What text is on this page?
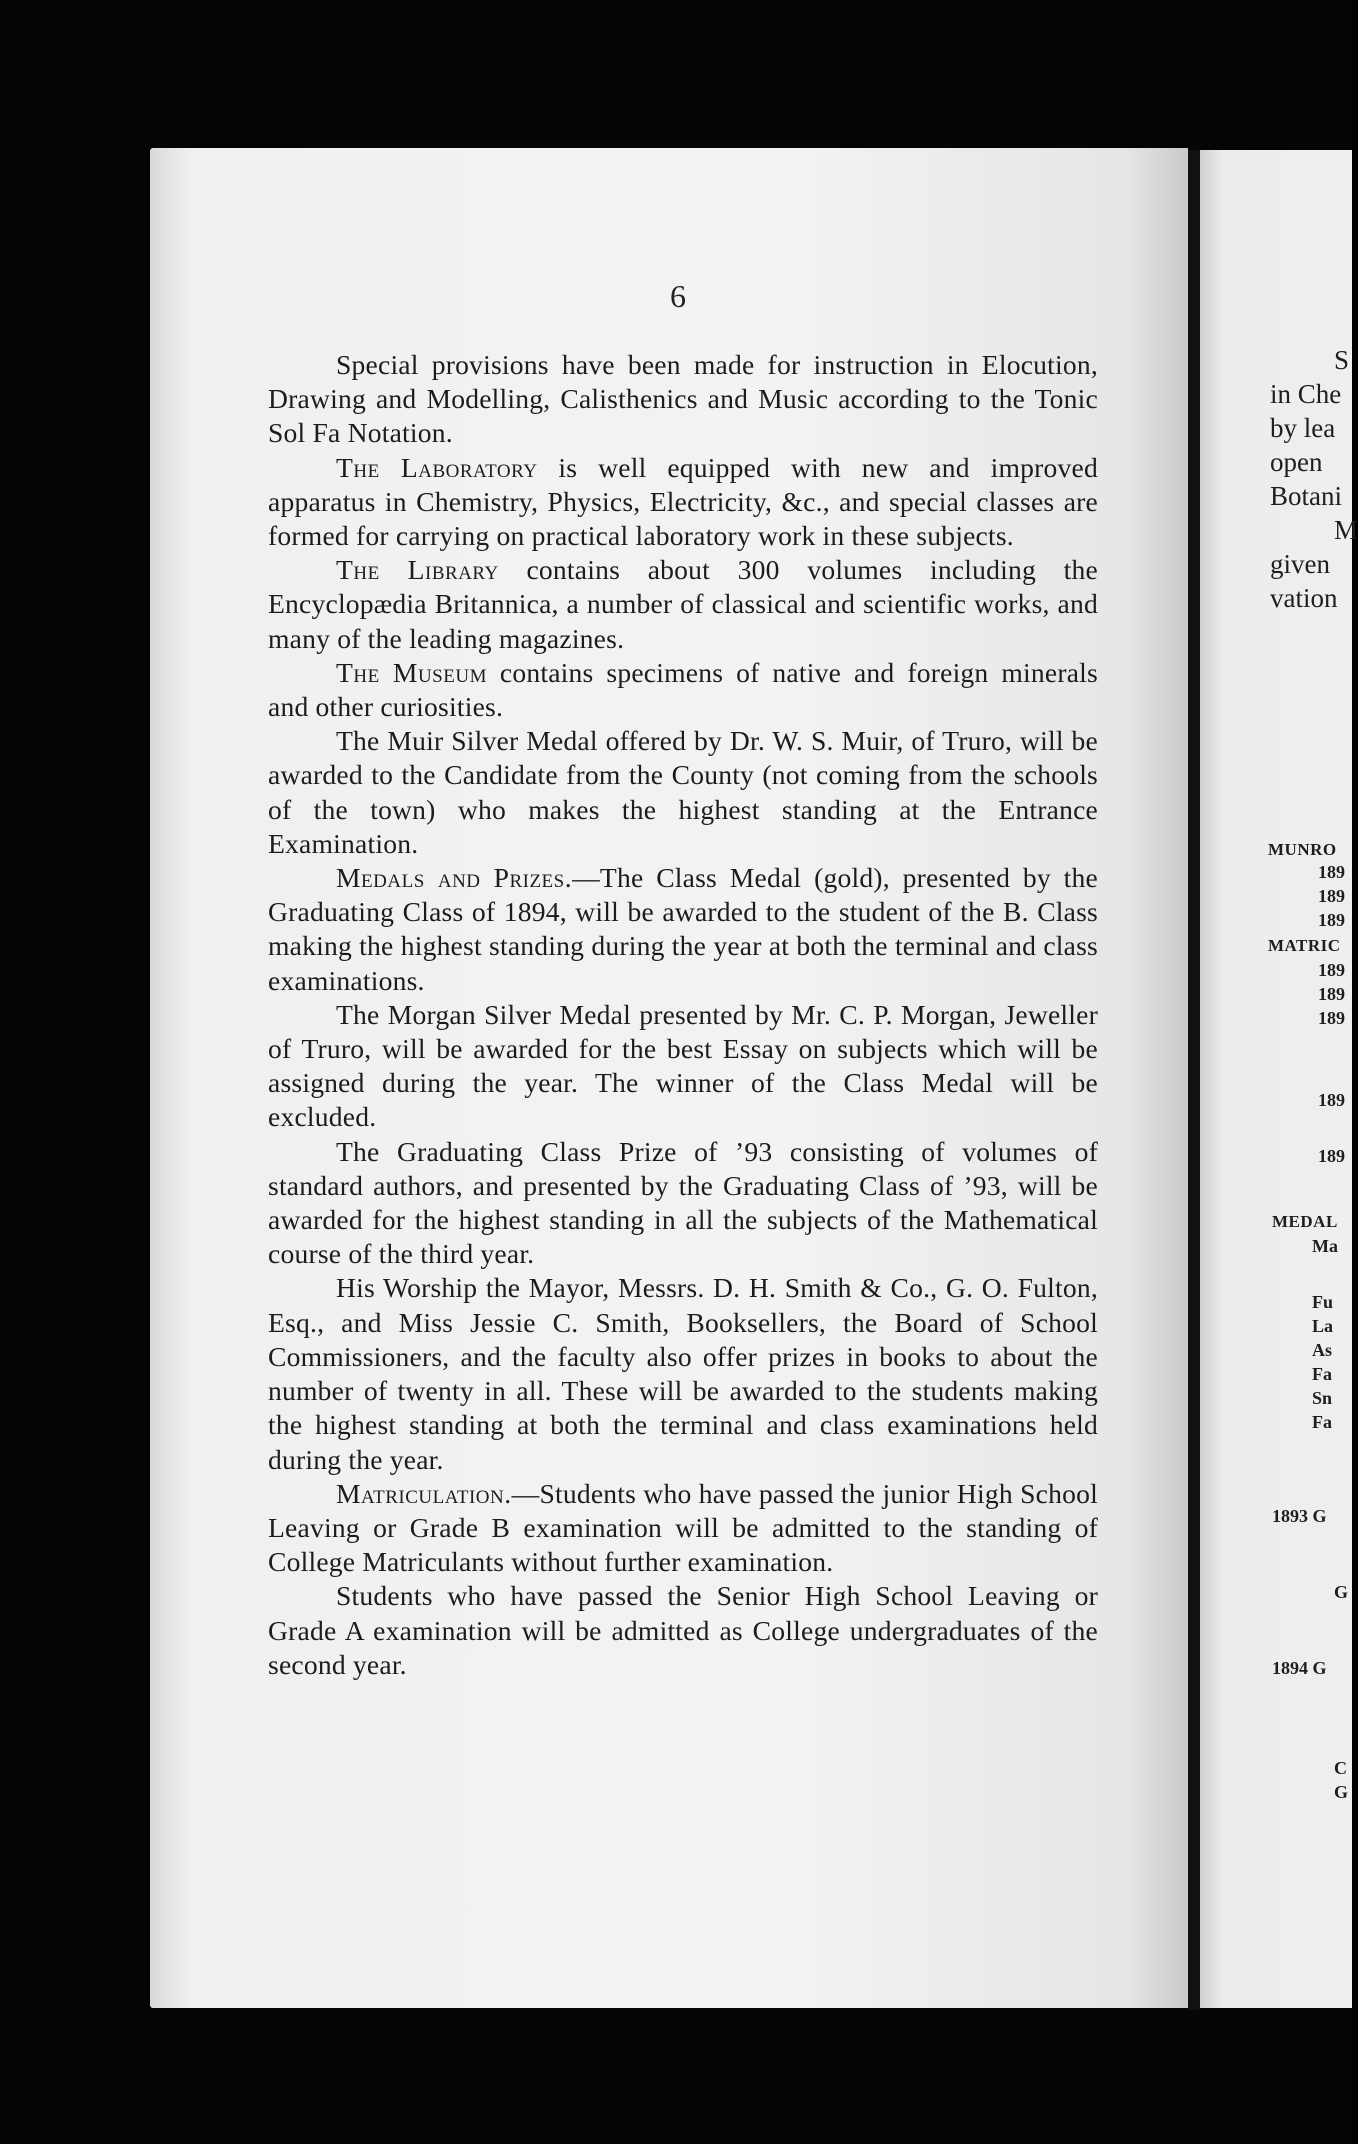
6

Special provisions have been made for instruction in Elocution, Drawing and Modelling, Calisthenics and Music according to the Tonic Sol Fa Notation.

The Laboratory is well equipped with new and improved apparatus in Chemistry, Physics, Electricity, &c., and special classes are formed for carrying on practical laboratory work in these subjects.

The Library contains about 300 volumes including the Encyclopædia Britannica, a number of classical and scientific works, and many of the leading magazines.

The Museum contains specimens of native and foreign minerals and other curiosities.

The Muir Silver Medal offered by Dr. W. S. Muir, of Truro, will be awarded to the Candidate from the County (not coming from the schools of the town) who makes the highest standing at the Entrance Examination.

Medals and Prizes.—The Class Medal (gold), presented by the Graduating Class of 1894, will be awarded to the student of the B. Class making the highest standing during the year at both the terminal and class examinations.

The Morgan Silver Medal presented by Mr. C. P. Morgan, Jeweller of Truro, will be awarded for the best Essay on subjects which will be assigned during the year. The winner of the Class Medal will be excluded.

The Graduating Class Prize of ’93 consisting of volumes of standard authors, and presented by the Graduating Class of ’93, will be awarded for the highest standing in all the subjects of the Mathematical course of the third year.

His Worship the Mayor, Messrs. D. H. Smith & Co., G. O. Fulton, Esq., and Miss Jessie C. Smith, Booksellers, the Board of School Commissioners, and the faculty also offer prizes in books to about the number of twenty in all. These will be awarded to the students making the highest standing at both the terminal and class examinations held during the year.

Matriculation.—Students who have passed the junior High School Leaving or Grade B examination will be admitted to the standing of College Matriculants without further examination.

Students who have passed the Senior High School Leaving or Grade A examination will be admitted as College undergraduates of the second year.

S
in Che
by lea
open
Botani
M
given
vation
MUNRO
189
189
189
MATRIC
189
189
189
189
189
MEDAL
Ma
Fu
La
As
Fa
Sn
Fa
1893 G
G
1894 G
C
G
